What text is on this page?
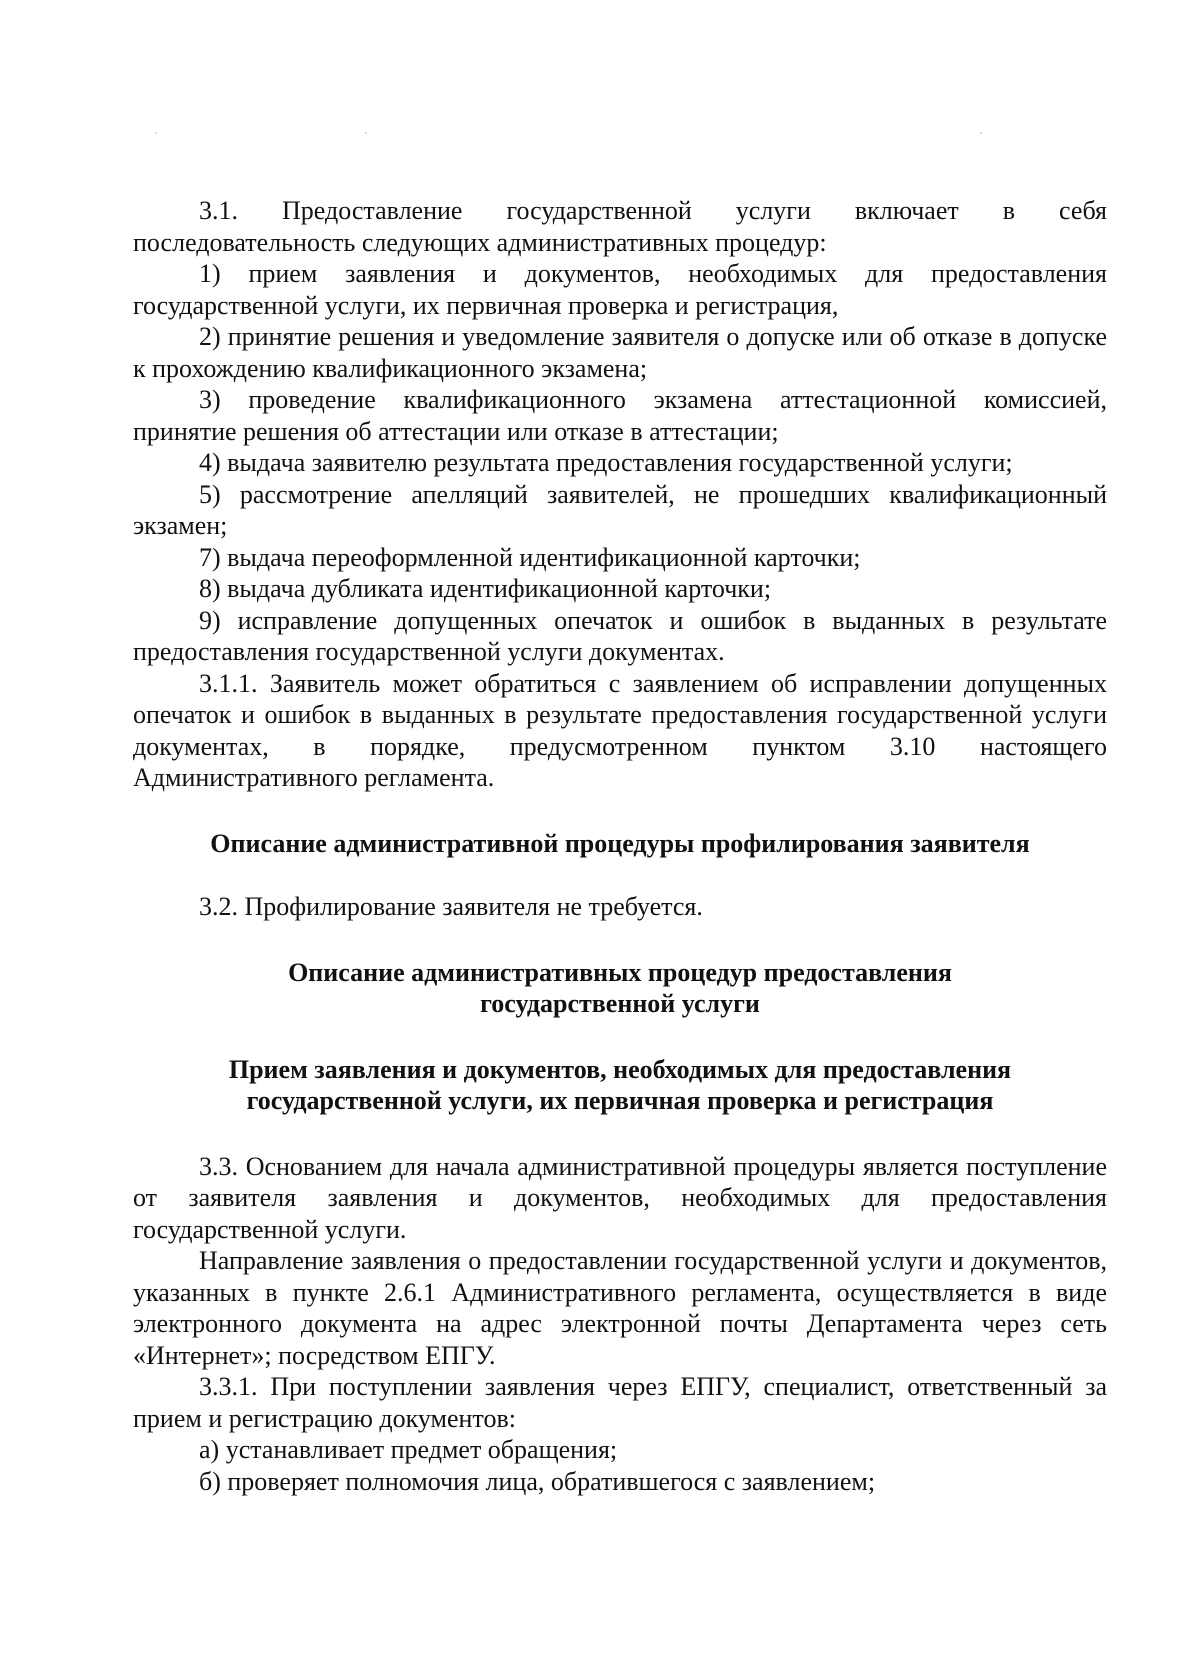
3.1. Предоставление государственной услуги включает в себя последовательность следующих административных процедур:

1) прием заявления и документов, необходимых для предоставления государственной услуги, их первичная проверка и регистрация,

2) принятие решения и уведомление заявителя о допуске или об отказе в допуске к прохождению квалификационного экзамена;

3) проведение квалификационного экзамена аттестационной комиссией, принятие решения об аттестации или отказе в аттестации;

4) выдача заявителю результата предоставления государственной услуги;

5) рассмотрение апелляций заявителей, не прошедших квалификационный экзамен;

7) выдача переоформленной идентификационной карточки;

8) выдача дубликата идентификационной карточки;

9) исправление допущенных опечаток и ошибок в выданных в результате предоставления государственной услуги документах.

3.1.1. Заявитель может обратиться с заявлением об исправлении допущенных опечаток и ошибок в выданных в результате предоставления государственной услуги документах, в порядке, предусмотренном пунктом 3.10 настоящего Административного регламента.

Описание административной процедуры профилирования заявителя

3.2. Профилирование заявителя не требуется.

Описание административных процедур предоставления
государственной услуги
Прием заявления и документов, необходимых для предоставления
государственной услуги, их первичная проверка и регистрация

3.3. Основанием для начала административной процедуры является поступление от заявителя заявления и документов, необходимых для предоставления государственной услуги.

Направление заявления о предоставлении государственной услуги и документов, указанных в пункте 2.6.1 Административного регламента, осуществляется в виде электронного документа на адрес электронной почты Департамента через сеть «Интернет»; посредством ЕПГУ.

3.3.1. При поступлении заявления через ЕПГУ, специалист, ответственный за прием и регистрацию документов:

а) устанавливает предмет обращения;

б) проверяет полномочия лица, обратившегося с заявлением;
